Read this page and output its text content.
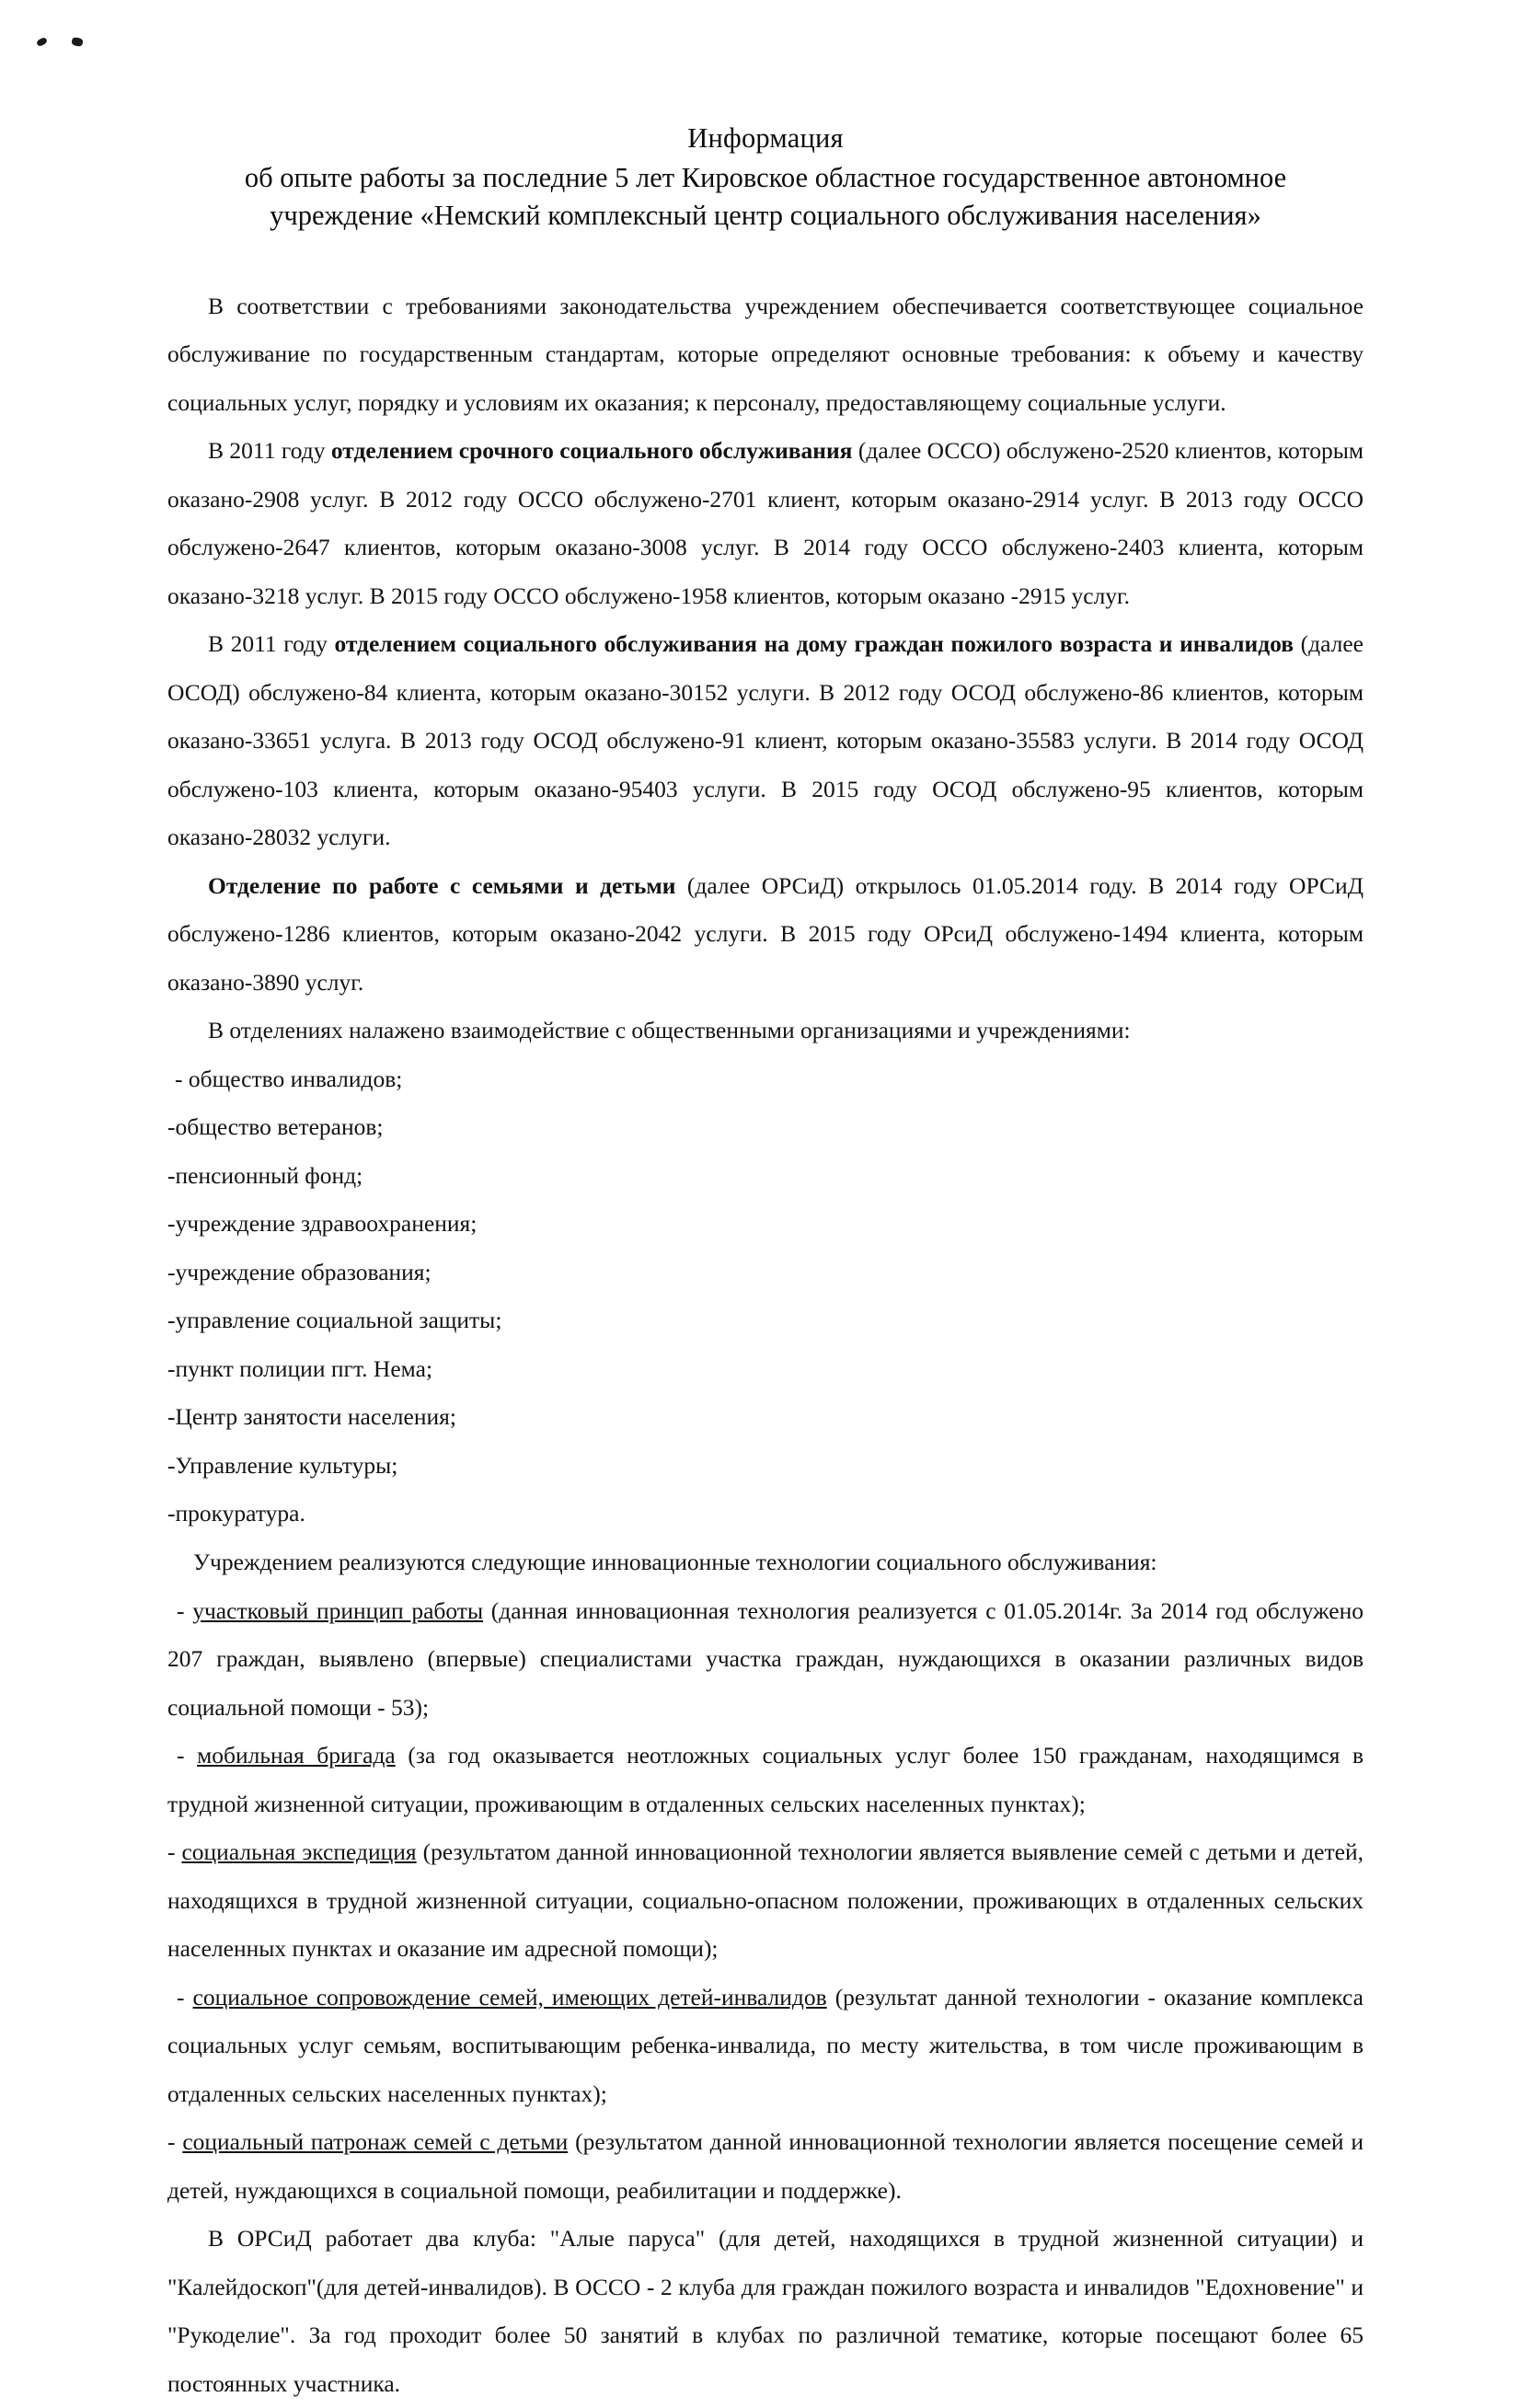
Информация
об опыте работы за последние 5 лет Кировское областное государственное автономное учреждение «Немский комплексный центр социального обслуживания населения»

В соответствии с требованиями законодательства учреждением обеспечивается соответствующее социальное обслуживание по государственным стандартам, которые определяют основные требования: к объему и качеству социальных услуг, порядку и условиям их оказания; к персоналу, предоставляющему социальные услуги.

В 2011 году отделением срочного социального обслуживания (далее ОССО) обслужено-2520 клиентов, которым оказано-2908 услуг. В 2012 году ОССО обслужено-2701 клиент, которым оказано-2914 услуг. В 2013 году ОССО обслужено-2647 клиентов, которым оказано-3008 услуг. В 2014 году ОССО обслужено-2403 клиента, которым оказано-3218 услуг. В 2015 году ОССО обслужено-1958 клиентов, которым оказано -2915 услуг.

В 2011 году отделением социального обслуживания на дому граждан пожилого возраста и инвалидов (далее ОСОД) обслужено-84 клиента, которым оказано-30152 услуги. В 2012 году ОСОД обслужено-86 клиентов, которым оказано-33651 услуга. В 2013 году ОСОД обслужено-91 клиент, которым оказано-35583 услуги. В 2014 году ОСОД обслужено-103 клиента, которым оказано-95403 услуги. В 2015 году ОСОД обслужено-95 клиентов, которым оказано-28032 услуги.

Отделение по работе с семьями и детьми (далее ОРСиД) открылось 01.05.2014 году. В 2014 году ОРСиД обслужено-1286 клиентов, которым оказано-2042 услуги. В 2015 году ОРсиД обслужено-1494 клиента, которым оказано-3890 услуг.

В отделениях налажено взаимодействие с общественными организациями и учреждениями:

- общество инвалидов;

-общество ветеранов;

-пенсионный фонд;

-учреждение здравоохранения;

-учреждение образования;

-управление социальной защиты;

-пункт полиции пгт. Нема;

-Центр занятости населения;

-Управление культуры;

-прокуратура.

Учреждением реализуются следующие инновационные технологии социального обслуживания:

- участковый принцип работы (данная инновационная технология реализуется с 01.05.2014г. За 2014 год обслужено 207 граждан, выявлено (впервые) специалистами участка граждан, нуждающихся в оказании различных видов социальной помощи - 53);

- мобильная бригада (за год оказывается неотложных социальных услуг более 150 гражданам, находящимся в трудной жизненной ситуации, проживающим в отдаленных сельских населенных пунктах);

- социальная экспедиция (результатом данной инновационной технологии является выявление семей с детьми и детей, находящихся в трудной жизненной ситуации, социально-опасном положении, проживающих в отдаленных сельских населенных пунктах и оказание им адресной помощи);

- социальное сопровождение семей, имеющих детей-инвалидов (результат данной технологии - оказание комплекса социальных услуг семьям, воспитывающим ребенка-инвалида, по месту жительства, в том числе проживающим в отдаленных сельских населенных пунктах);

- социальный патронаж семей с детьми (результатом данной инновационной технологии является посещение семей и детей, нуждающихся в социальной помощи, реабилитации и поддержке).

В ОРСиД работает два клуба: "Алые паруса" (для детей, находящихся в трудной жизненной ситуации) и "Калейдоскоп"(для детей-инвалидов). В ОССО - 2 клуба для граждан пожилого возраста и инвалидов "Едохновение" и "Рукоделие". За год проходит более 50 занятий в клубах по различной тематике, которые посещают более 65 постоянных участника.
